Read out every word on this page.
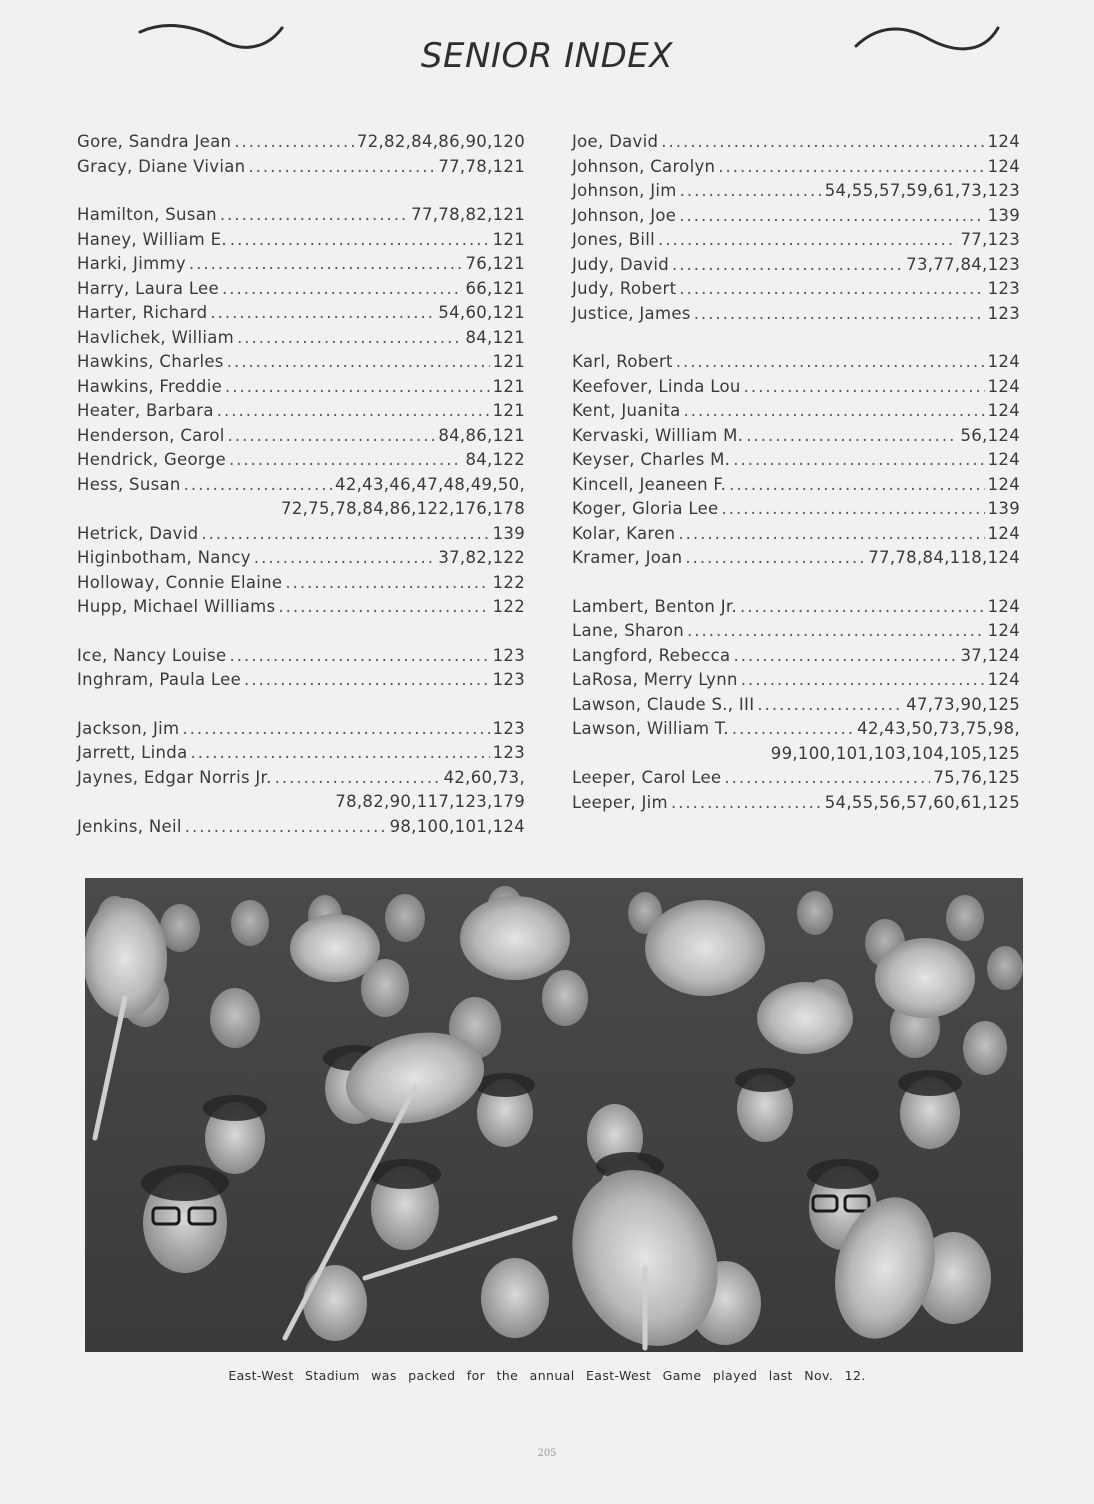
SENIOR INDEX
Gore, Sandra Jean .....	72,82,84,86,90,120
Gracy, Diane Vivian .....	77,78,121
Hamilton, Susan .....	77,78,82,121
Haney, William E. .....	121
Harki, Jimmy .....	76,121
Harry, Laura Lee .....	66,121
Harter, Richard .....	54,60,121
Havlichek, William .....	84,121
Hawkins, Charles .....	121
Hawkins, Freddie .....	121
Heater, Barbara .....	121
Henderson, Carol .....	84,86,121
Hendrick, George .....	84,122
Hess, Susan .....	42,43,46,47,48,49,50,
72,75,78,84,86,122,176,178
Hetrick, David .....	139
Higinbotham, Nancy .....	37,82,122
Holloway, Connie Elaine .....	122
Hupp, Michael Williams .....	122
Ice, Nancy Louise .....	123
Inghram, Paula Lee .....	123
Jackson, Jim .....	123
Jarrett, Linda .....	123
Jaynes, Edgar Norris Jr. .....	42,60,73,
78,82,90,117,123,179
Jenkins, Neil .....	98,100,101,124
Joe, David .....	124
Johnson, Carolyn .....	124
Johnson, Jim .....	54,55,57,59,61,73,123
Johnson, Joe .....	139
Jones, Bill .....	77,123
Judy, David .....	73,77,84,123
Judy, Robert .....	123
Justice, James .....	123
Karl, Robert .....	124
Keefover, Linda Lou .....	124
Kent, Juanita .....	124
Kervaski, William M. .....	56,124
Keyser, Charles M. .....	124
Kincell, Jeaneen F. .....	124
Koger, Gloria Lee .....	139
Kolar, Karen .....	124
Kramer, Joan .....	77,78,84,118,124
Lambert, Benton Jr. .....	124
Lane, Sharon .....	124
Langford, Rebecca .....	37,124
LaRosa, Merry Lynn .....	124
Lawson, Claude S., III .....	47,73,90,125
Lawson, William T. .....	42,43,50,73,75,98,
99,100,101,103,104,105,125
Leeper, Carol Lee .....	75,76,125
Leeper, Jim .....	54,55,56,57,60,61,125
East-West Stadium was packed for the annual East-West Game played last Nov. 12.
205
